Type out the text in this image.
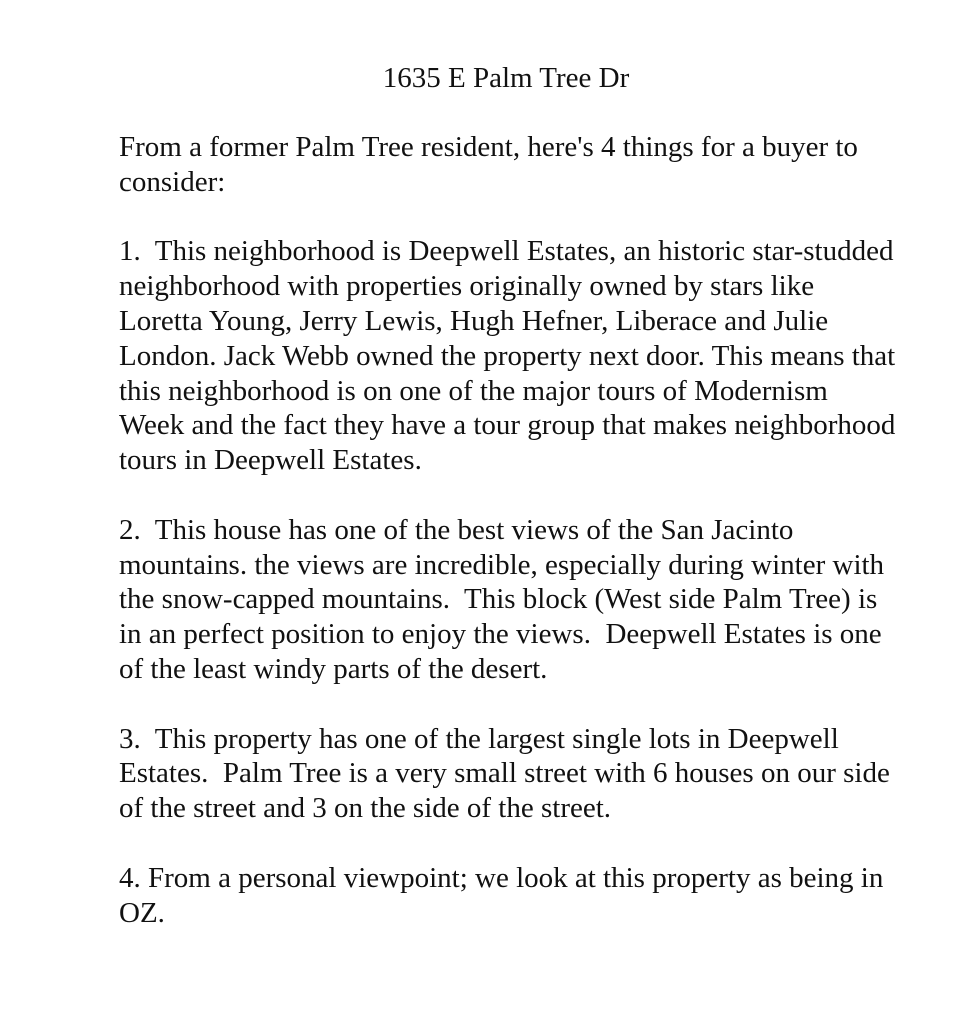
1635 E Palm Tree Dr

From a former Palm Tree resident, here's 4 things for a buyer to consider:

1.  This neighborhood is Deepwell Estates, an historic star-studded neighborhood with properties originally owned by stars like Loretta Young, Jerry Lewis, Hugh Hefner, Liberace and Julie London. Jack Webb owned the property next door. This means that this neighborhood is on one of the major tours of Modernism Week and the fact they have a tour group that makes neighborhood tours in Deepwell Estates.

2.  This house has one of the best views of the San Jacinto mountains. the views are incredible, especially during winter with the snow-capped mountains.  This block (West side Palm Tree) is in an perfect position to enjoy the views.  Deepwell Estates is one of the least windy parts of the desert.

3.  This property has one of the largest single lots in Deepwell Estates.  Palm Tree is a very small street with 6 houses on our side of the street and 3 on the side of the street.

4. From a personal viewpoint; we look at this property as being in OZ.
